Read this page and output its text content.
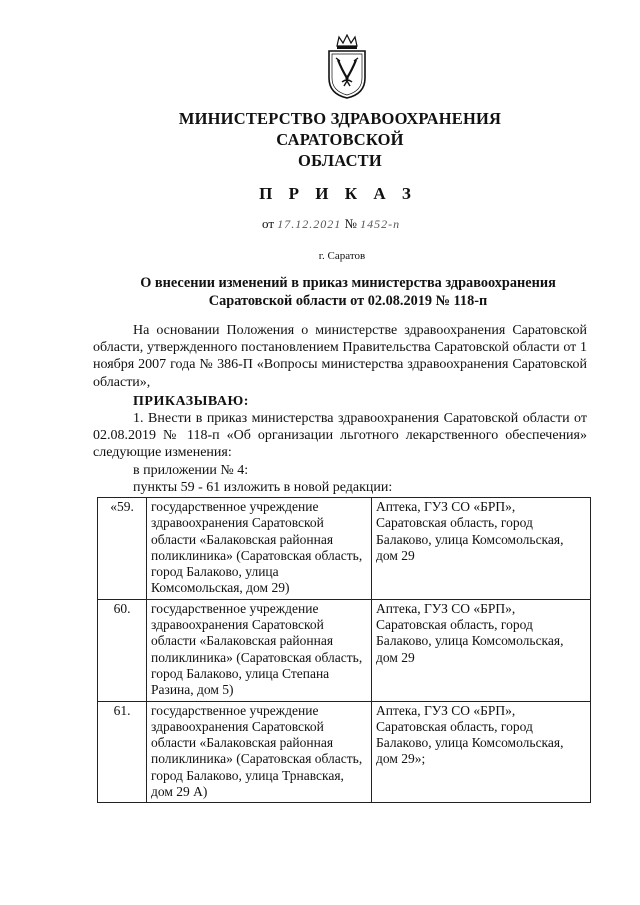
МИНИСТЕРСТВО ЗДРАВООХРАНЕНИЯ
САРАТОВСКОЙ
ОБЛАСТИ
П Р И К А З
от 17.12.2021 № 1452-п
г. Саратов
О внесении изменений в приказ министерства здравоохранения Саратовской области от 02.08.2019 № 118-п

На основании Положения о министерстве здравоохранения Саратовской области, утвержденного постановлением Правительства Саратовской области от 1 ноября 2007 года № 386-П «Вопросы министерства здравоохранения Саратовской области»,

ПРИКАЗЫВАЮ:

1. Внести в приказ министерства здравоохранения Саратовской области от 02.08.2019 № 118-п «Об организации льготного лекарственного обеспечения» следующие изменения:

в приложении № 4:

пункты 59 - 61 изложить в новой редакции:

«59.	государственное учреждение здравоохранения Саратовской области «Балаковская районная поликлиника» (Саратовская область, город Балаково, улица Комсомольская, дом 29)	Аптека, ГУЗ СО «БРП», Саратовская область, город Балаково, улица Комсомольская, дом 29
60.	государственное учреждение здравоохранения Саратовской области «Балаковская районная поликлиника» (Саратовская область, город Балаково, улица Степана Разина, дом 5)	Аптека, ГУЗ СО «БРП», Саратовская область, город Балаково, улица Комсомольская, дом 29
61.	государственное учреждение здравоохранения Саратовской области «Балаковская районная поликлиника» (Саратовская область, город Балаково, улица Трнавская, дом 29 А)	Аптека, ГУЗ СО «БРП», Саратовская область, город Балаково, улица Комсомольская, дом 29»;
